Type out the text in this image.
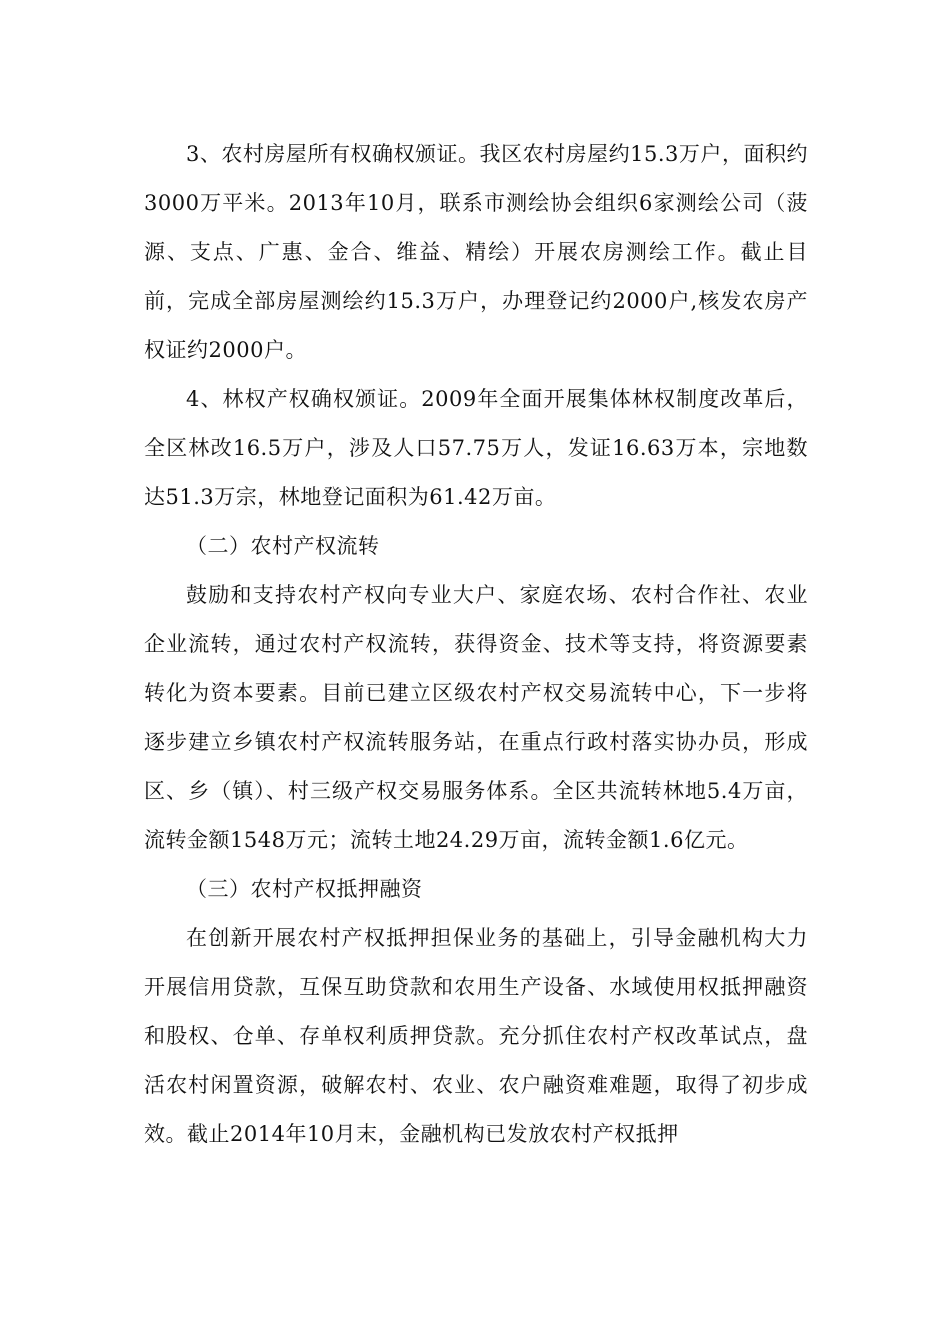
3、农村房屋所有权确权颁证。我区农村房屋约15.3万户，面积约3000万平米。2013年10月，联系市测绘协会组织6家测绘公司（菠源、支点、广惠、金合、维益、精绘）开展农房测绘工作。截止目前，完成全部房屋测绘约15.3万户，办理登记约2000户,核发农房产权证约2000户。

4、林权产权确权颁证。2009年全面开展集体林权制度改革后，全区林改16.5万户，涉及人口57.75万人，发证16.63万本，宗地数达51.3万宗，林地登记面积为61.42万亩。

（二）农村产权流转

鼓励和支持农村产权向专业大户、家庭农场、农村合作社、农业企业流转，通过农村产权流转，获得资金、技术等支持，将资源要素转化为资本要素。目前已建立区级农村产权交易流转中心，下一步将逐步建立乡镇农村产权流转服务站，在重点行政村落实协办员，形成区、乡（镇）、村三级产权交易服务体系。全区共流转林地5.4万亩，流转金额1548万元；流转土地24.29万亩，流转金额1.6亿元。

（三）农村产权抵押融资

在创新开展农村产权抵押担保业务的基础上，引导金融机构大力开展信用贷款，互保互助贷款和农用生产设备、水域使用权抵押融资和股权、仓单、存单权利质押贷款。充分抓住农村产权改革试点，盘活农村闲置资源，破解农村、农业、农户融资难难题，取得了初步成效。截止2014年10月末，金融机构已发放农村产权抵押
